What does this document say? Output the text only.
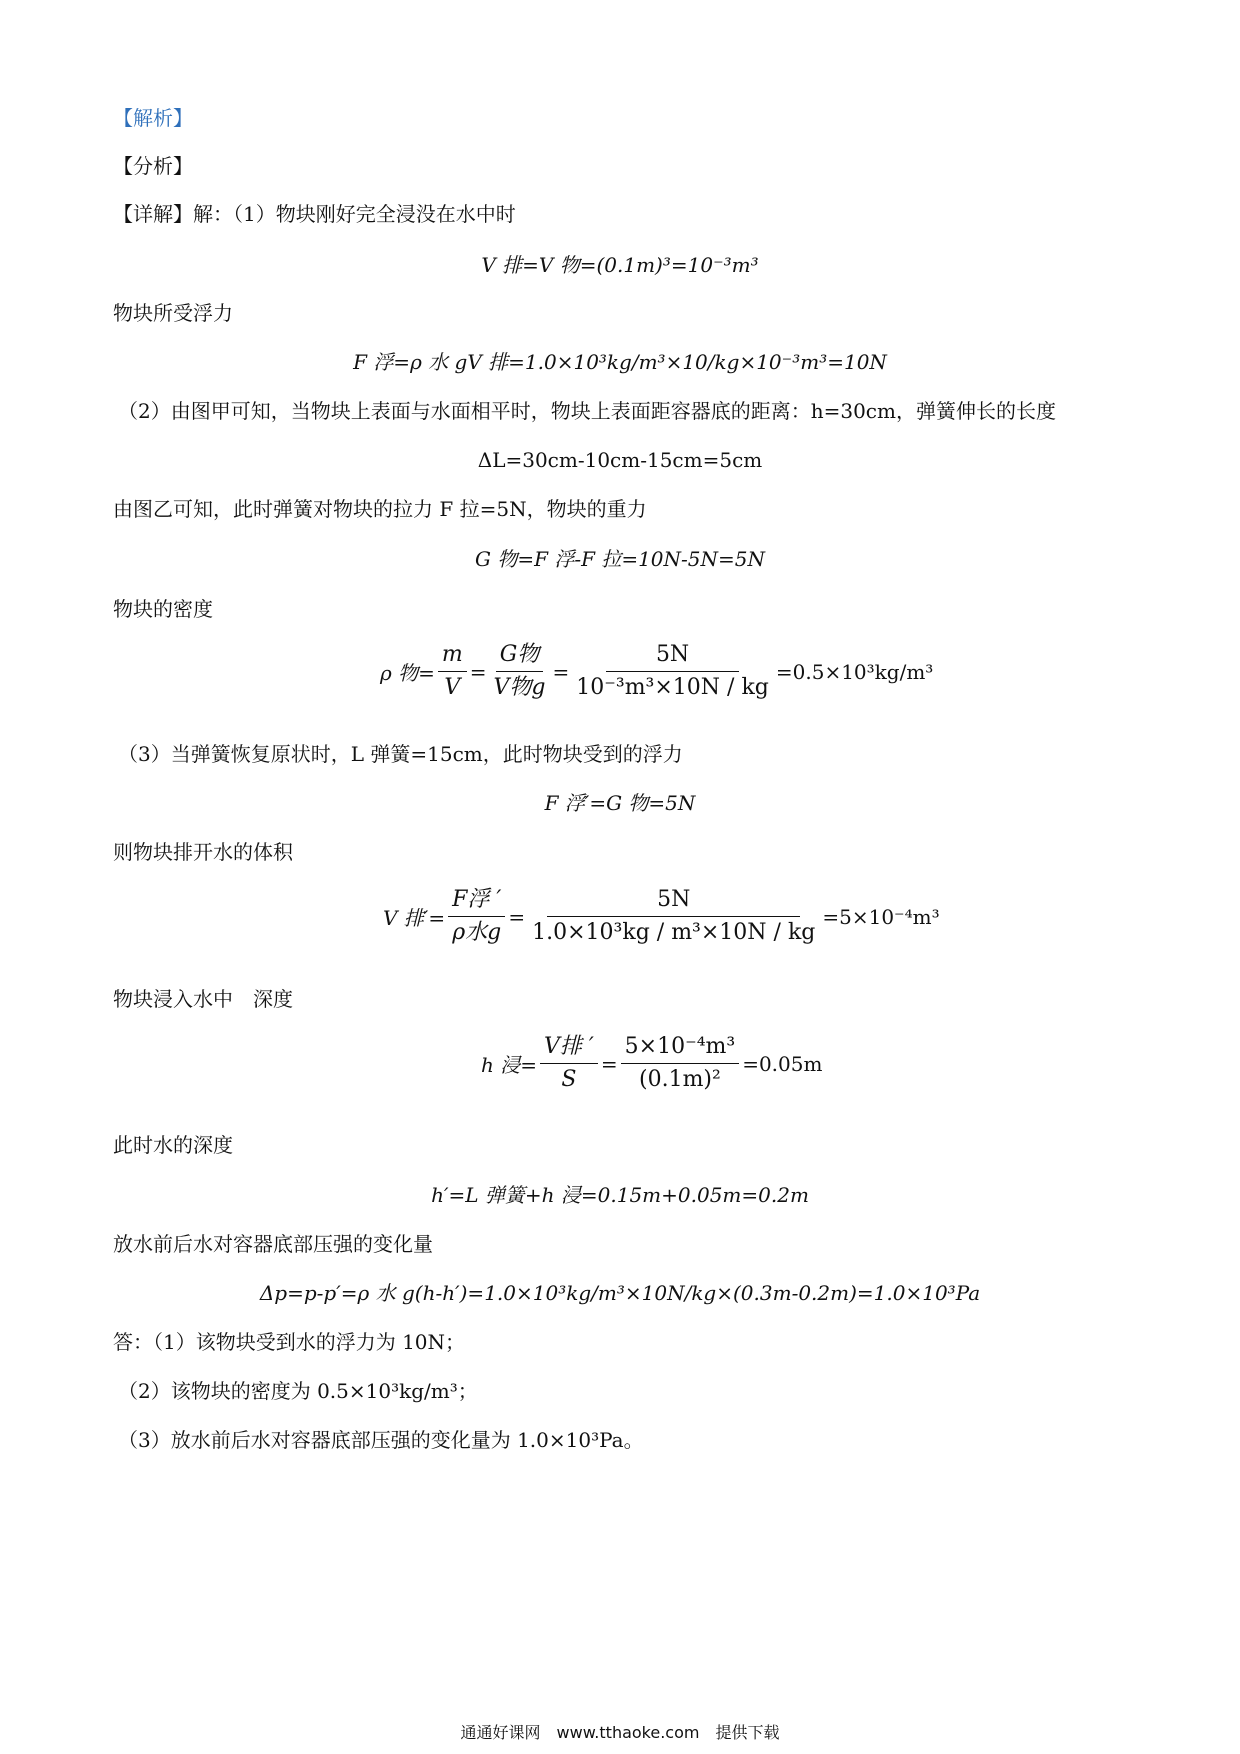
【解析】
【分析】
【详解】解：（1）物块刚好完全浸没在水中时
V 排=V 物=(0.1m)³=10⁻³m³
物块所受浮力
F 浮=ρ 水 gV 排=1.0×10³kg/m³×10/kg×10⁻³m³=10N
（2）由图甲可知，当物块上表面与水面相平时，物块上表面距容器底的距离：h=30cm，弹簧伸长的长度
ΔL=30cm-10cm-15cm=5cm
由图乙可知，此时弹簧对物块的拉力 F 拉=5N，物块的重力
G 物=F 浮-F 拉=10N-5N=5N
物块的密度
ρ 物= $\frac{m}{V} = \frac{\text{G物}}{\text{V物g}} = \frac{5N}{\text{10⁻³m³×10N / kg}} =0.5\times 10^3kg/m^3$
（3）当弹簧恢复原状时，L 弹簧=15cm，此时物块受到的浮力
F 浮′=G 物=5N
则物块排开水的体积
V 排′= $\frac{\text{F浮 ′}}{\text{ρ水g}} = \frac{5N}{\text{1.0×10³kg / m³×10N / kg}} =5\times 10^{-4}m^3$
物块浸入水中　深度
h 浸= $\frac{\text{V排 ′}}{S} = \frac{\text{5×10⁻⁴m³}}{\text{(0.1m)²}} =0.05m$
此时水的深度
h′=L 弹簧+h 浸=0.15m+0.05m=0.2m
放水前后水对容器底部压强的变化量
Δp=p-p′=ρ 水 g(h-h′)=1.0×10³kg/m³×10N/kg×(0.3m-0.2m)=1.0×10³Pa
答：（1）该物块受到水的浮力为 10N；
（2）该物块的密度为 0.5×10³kg/m³；
（3）放水前后水对容器底部压强的变化量为 1.0×10³Pa。
通通好课网　www.tthaoke.com　提供下载
